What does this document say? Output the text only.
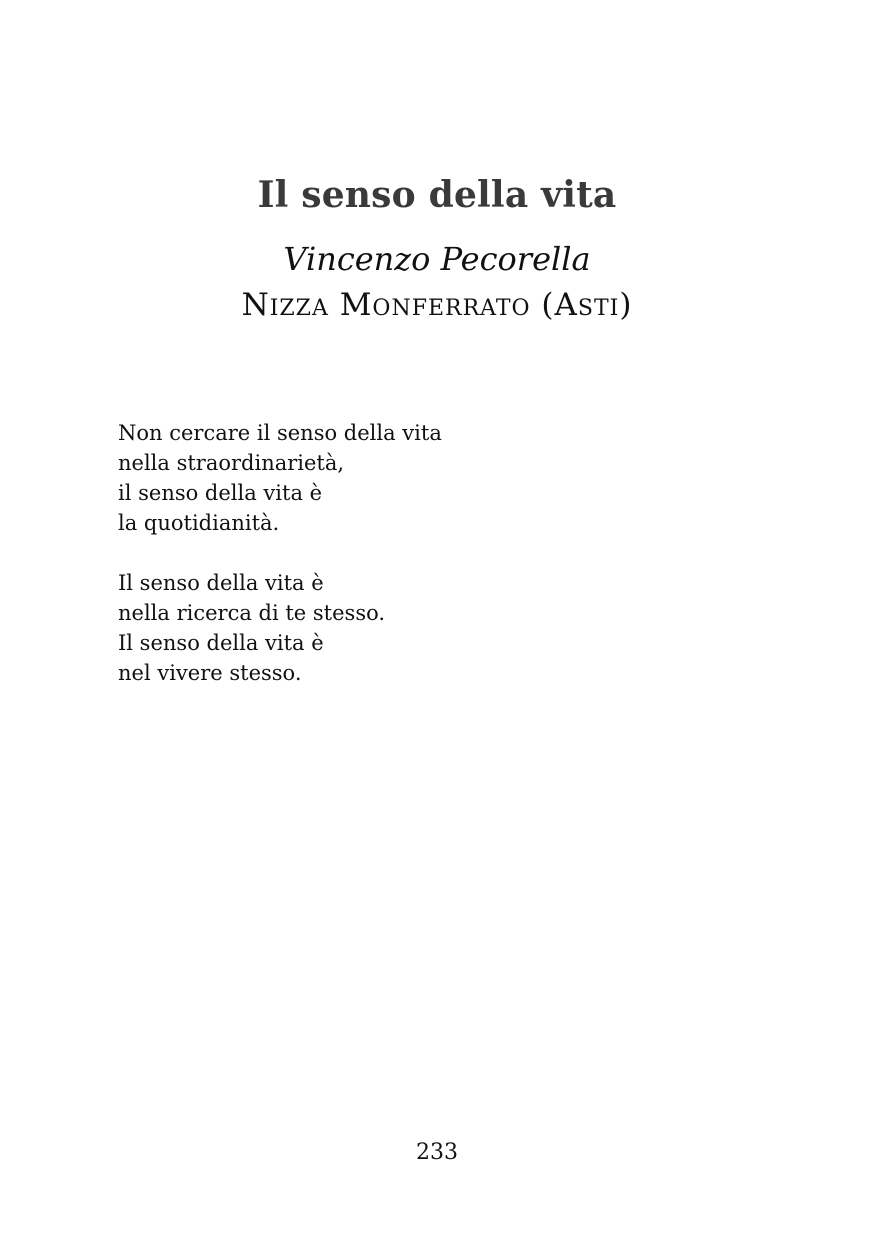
Il senso della vita
Vincenzo Pecorella
Nizza Monferrato (Asti)
Non cercare il senso della vita
nella straordinarietà,
il senso della vita è
la quotidianità.
Il senso della vita è
nella ricerca di te stesso.
Il senso della vita è
nel vivere stesso.
233
